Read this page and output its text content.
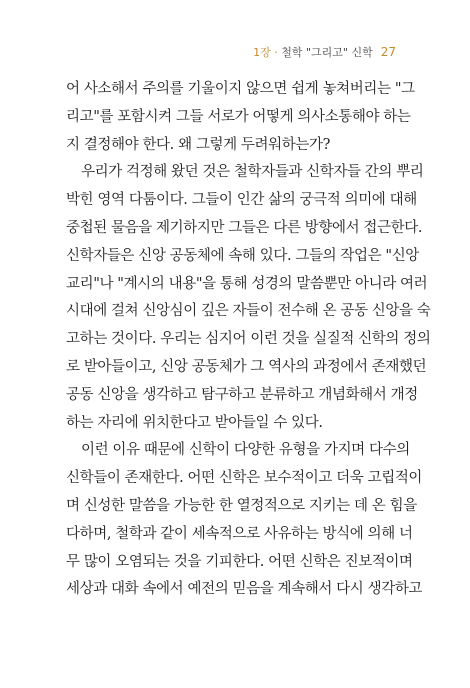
1장 · 철학 "그리고" 신학 27
어 사소해서 주의를 기울이지 않으면 쉽게 놓쳐버리는 "그
리고"를 포함시켜 그들 서로가 어떻게 의사소통해야 하는
지 결정해야 한다. 왜 그렇게 두려워하는가?
우리가 걱정해 왔던 것은 철학자들과 신학자들 간의 뿌리
박힌 영역 다툼이다. 그들이 인간 삶의 궁극적 의미에 대해
중첩된 물음을 제기하지만 그들은 다른 방향에서 접근한다.
신학자들은 신앙 공동체에 속해 있다. 그들의 작업은 "신앙
교리"나 "계시의 내용"을 통해 성경의 말씀뿐만 아니라 여러
시대에 걸쳐 신앙심이 깊은 자들이 전수해 온 공동 신앙을 숙
고하는 것이다. 우리는 심지어 이런 것을 실질적 신학의 정의
로 받아들이고, 신앙 공동체가 그 역사의 과정에서 존재했던
공동 신앙을 생각하고 탐구하고 분류하고 개념화해서 개정
하는 자리에 위치한다고 받아들일 수 있다.
이런 이유 때문에 신학이 다양한 유형을 가지며 다수의
신학들이 존재한다. 어떤 신학은 보수적이고 더욱 고립적이
며 신성한 말씀을 가능한 한 열정적으로 지키는 데 온 힘을
다하며, 철학과 같이 세속적으로 사유하는 방식에 의해 너
무 많이 오염되는 것을 기피한다. 어떤 신학은 진보적이며
세상과 대화 속에서 예전의 믿음을 계속해서 다시 생각하고
